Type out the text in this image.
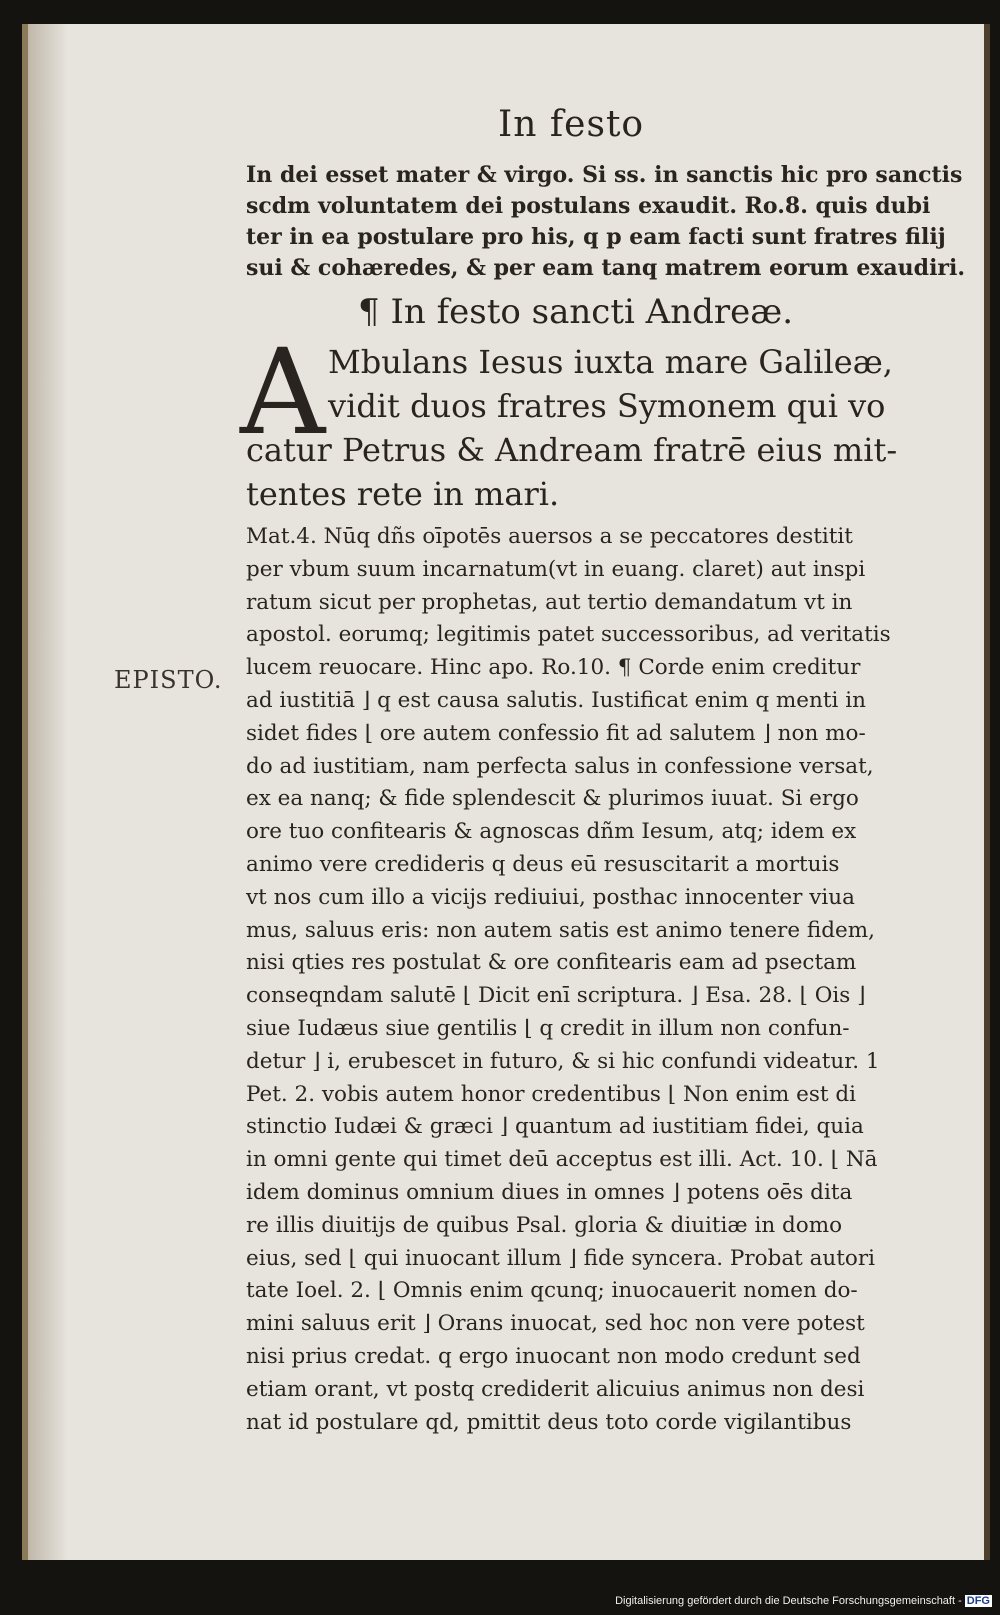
In festo
In dei esset mater & virgo. Si ss. in sanctis hic pro sanctis
scdm voluntatem dei postulans exaudit. Ro.8. quis dubi
ter in ea postulare pro his, q p eam facti sunt fratres filij
sui & cohæredes, & per eam tanq matrem eorum exaudiri.
¶ In festo sancti Andreæ.
A Mbulans Iesus iuxta mare Galileæ,
vidit duos fratres Symonem qui vo
catur Petrus & Andream fratrē eius mit-
tentes rete in mari.
EPISTO.
Mat.4. Nūq dñs oīpotēs auersos a se peccatores destitit
per vbum suum incarnatum(vt in euang. claret) aut inspi
ratum sicut per prophetas, aut tertio demandatum vt in
apostol. eorumq; legitimis patet successoribus, ad veritatis
lucem reuocare. Hinc apo. Ro.10. ¶ Corde enim creditur
ad iustitiā ⌋ q est causa salutis. Iustificat enim q menti in
sidet fides ⌊ ore autem confessio fit ad salutem ⌋ non mo-
do ad iustitiam, nam perfecta salus in confessione versat,
ex ea nanq; & fide splendescit & plurimos iuuat. Si ergo
ore tuo confitearis & agnoscas dñm Iesum, atq; idem ex
animo vere credideris q deus eū resuscitarit a mortuis
vt nos cum illo a vicijs rediuiui, posthac innocenter viua
mus, saluus eris: non autem satis est animo tenere fidem,
nisi qties res postulat & ore confitearis eam ad psectam
conseqndam salutē ⌊ Dicit enī scriptura. ⌋ Esa. 28. ⌊ Ois ⌋
siue Iudæus siue gentilis ⌊ q credit in illum non confun-
detur ⌋ i, erubescet in futuro, & si hic confundi videatur. 1
Pet. 2. vobis autem honor credentibus ⌊ Non enim est di
stinctio Iudæi & græci ⌋ quantum ad iustitiam fidei, quia
in omni gente qui timet deū acceptus est illi. Act. 10. ⌊ Nā
idem dominus omnium diues in omnes ⌋ potens oēs dita
re illis diuitijs de quibus Psal. gloria & diuitiæ in domo
eius, sed ⌊ qui inuocant illum ⌋ fide syncera. Probat autori
tate Ioel. 2. ⌊ Omnis enim qcunq; inuocauerit nomen do-
mini saluus erit ⌋ Orans inuocat, sed hoc non vere potest
nisi prius credat. q ergo inuocant non modo credunt sed
etiam orant, vt postq crediderit alicuius animus non desi
nat id postulare qd, pmittit deus toto corde vigilantibus
Digitalisierung gefördert durch die Deutsche Forschungsgemeinschaft - DFG
